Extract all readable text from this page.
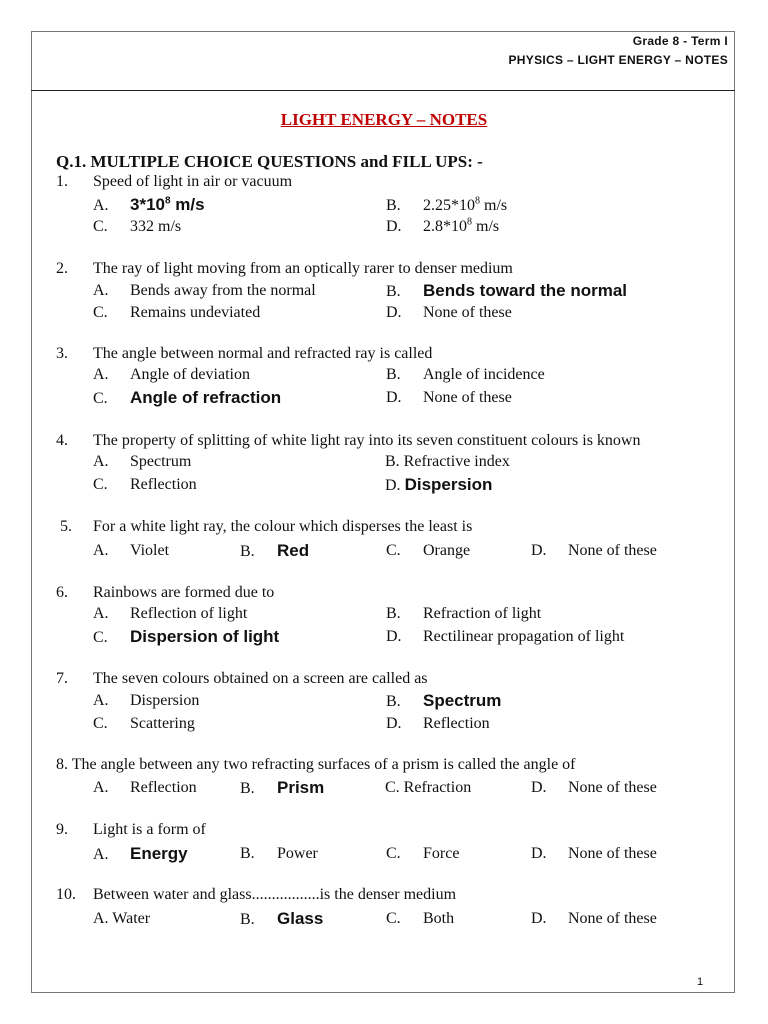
Grade 8 - Term I
PHYSICS – LIGHT ENERGY – NOTES
LIGHT ENERGY – NOTES
Q.1. MULTIPLE CHOICE QUESTIONS and FILL UPS: -
1. Speed of light in air or vacuum
A. $3*10^8$ m/s	B. $2.25*10^8$ m/s
C. 332 m/s	D. $2.8*10^8$ m/s
2. The ray of light moving from an optically rarer to denser medium
A. Bends away from the normal	B. Bends toward the normal
C. Remains undeviated	D. None of these
3. The angle between normal and refracted ray is called
A. Angle of deviation	B. Angle of incidence
C. Angle of refraction	D. None of these
4. The property of splitting of white light ray into its seven constituent colours is known
A. Spectrum	B. Refractive index
C. Reflection	D. Dispersion
5. For a white light ray, the colour which disperses the least is
A. Violet	B. Red	C. Orange	D. None of these
6. Rainbows are formed due to
A. Reflection of light	B. Refraction of light
C. Dispersion of light	D. Rectilinear propagation of light
7. The seven colours obtained on a screen are called as
A. Dispersion	B. Spectrum
C. Scattering	D. Reflection
8. The angle between any two refracting surfaces of a prism is called the angle of
A. Reflection	B. Prism	C. Refraction	D. None of these
9. Light is a form of
A. Energy	B. Power	C. Force	D. None of these
10. Between water and glass.................is the denser medium
A. Water	B. Glass	C. Both	D. None of these
1
